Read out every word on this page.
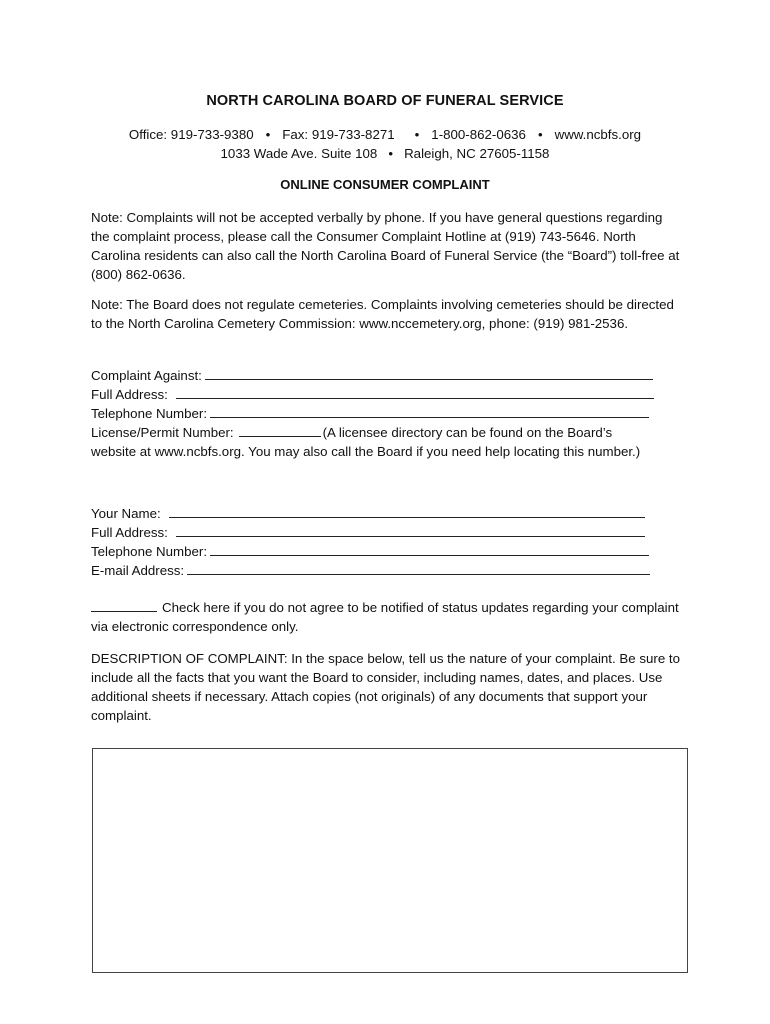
NORTH CAROLINA BOARD OF FUNERAL SERVICE
Office: 919-733-9380 • Fax: 919-733-8271 • 1-800-862-0636 • www.ncbfs.org
1033 Wade Ave. Suite 108   •   Raleigh, NC 27605-1158
ONLINE CONSUMER COMPLAINT
Note: Complaints will not be accepted verbally by phone. If you have general questions regarding the complaint process, please call the Consumer Complaint Hotline at (919) 743-5646. North Carolina residents can also call the North Carolina Board of Funeral Service (the “Board”) toll-free at (800) 862-0636.
Note: The Board does not regulate cemeteries. Complaints involving cemeteries should be directed to the North Carolina Cemetery Commission: www.nccemetery.org, phone: (919) 981-2536.
Complaint Against:
Full Address:
Telephone Number:
License/Permit Number:	(A licensee directory can be found on the Board’s
website at www.ncbfs.org. You may also call the Board if you need help locating this number.)
Your Name:
Full Address:
Telephone Number:
E-mail Address:
Check here if you do not agree to be notified of status updates regarding your complaint via electronic correspondence only.
DESCRIPTION OF COMPLAINT: In the space below, tell us the nature of your complaint. Be sure to include all the facts that you want the Board to consider, including names, dates, and places. Use additional sheets if necessary. Attach copies (not originals) of any documents that support your complaint.
